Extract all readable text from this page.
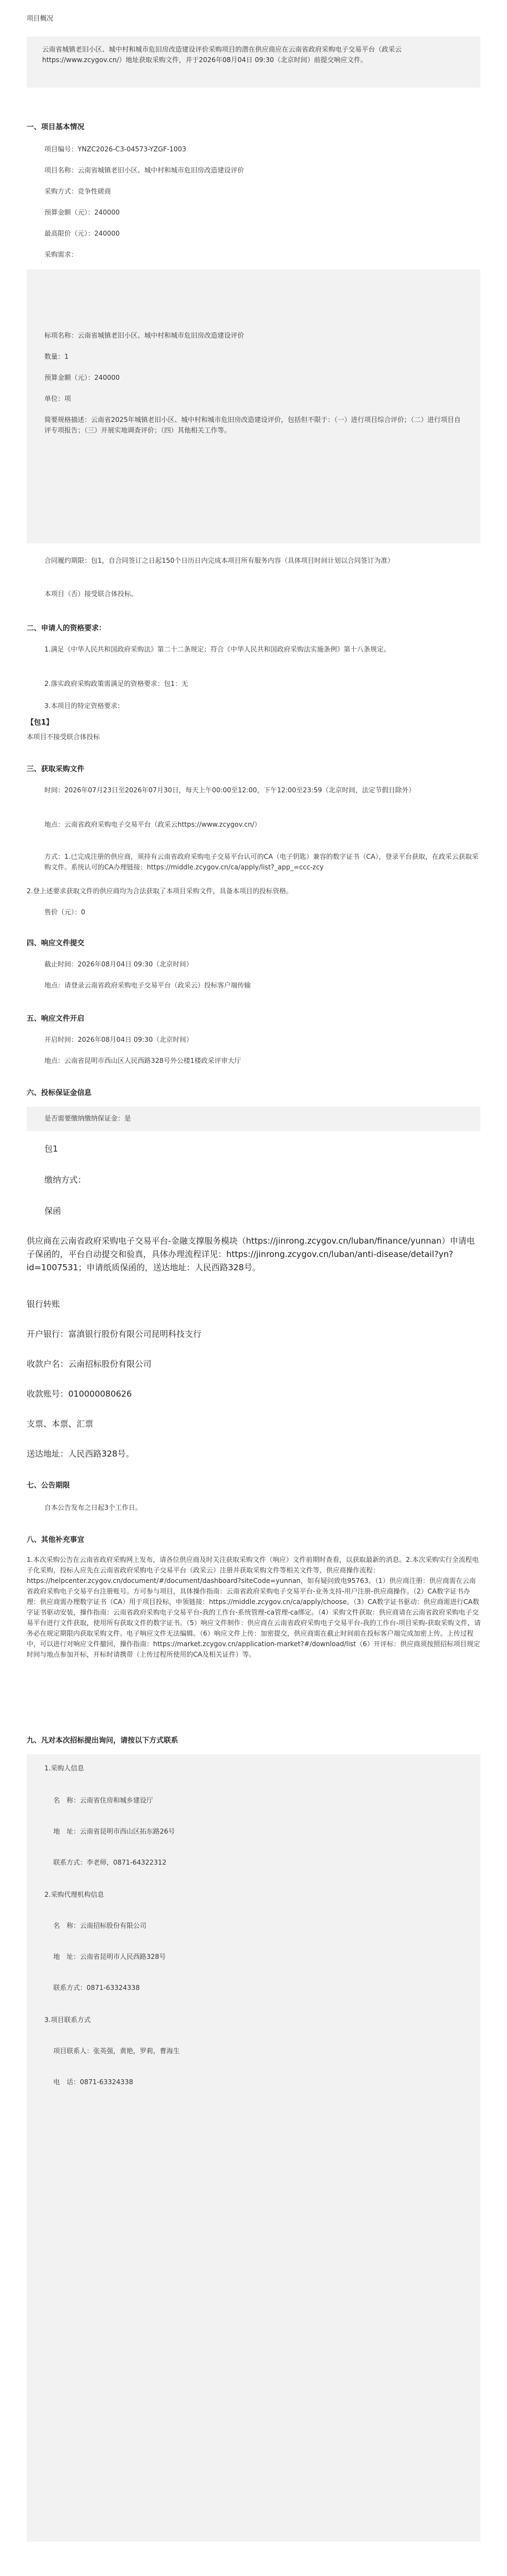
项目概况
云南省城镇老旧小区、城中村和城市危旧房改造建设评价采购项目的潜在供应商应在云南省政府采购电子交易平台（政采云https://www.zcygov.cn/）地址获取采购文件，并于2026年08月04日 09:30（北京时间）前提交响应文件。
一、项目基本情况
项目编号：YNZC2026-C3-04573-YZGF-1003
项目名称：云南省城镇老旧小区、城中村和城市危旧房改造建设评价
采购方式：竞争性磋商
预算金额（元）：240000
最高限价（元）：240000
采购需求：
标项名称：云南省城镇老旧小区、城中村和城市危旧房改造建设评价
数量：1
预算金额（元）：240000
单位：项
简要规格描述：云南省2025年城镇老旧小区、城中村和城市危旧房改造建设评价，包括但不限于：（一）进行项目综合评价；（二）进行项目自评专项报告；（三）开展实地调查评价；（四）其他相关工作等。
合同履约期限：包1，自合同签订之日起150个日历日内完成本项目所有服务内容（具体项目时间计划以合同签订为准）
本项目（否）接受联合体投标。
二、申请人的资格要求：
1.满足《中华人民共和国政府采购法》第二十二条规定；符合《中华人民共和国政府采购法实施条例》第十八条规定。
2.落实政府采购政策需满足的资格要求：包1：无
3.本项目的特定资格要求：
【包1】
本项目不接受联合体投标
三、获取采购文件
时间：2026年07月23日至2026年07月30日，每天上午00:00至12:00，下午12:00至23:59（北京时间，法定节假日除外）
地点：云南省政府采购电子交易平台（政采云https://www.zcygov.cn/）
方式：1.已完成注册的供应商，须持有云南省政府采购电子交易平台认可的CA（电子钥匙）兼容的数字证书（CA），登录平台获取，在政采云获取采购文件。系统认可的CA办理链接：https://middle.zcygov.cn/ca/apply/list?_app_=ccc-zcy
2.登上述要求获取文件的供应商均为合法获取了本项目采购文件，具备本项目的投标资格。
售价（元）：0
四、响应文件提交
截止时间：2026年08月04日 09:30（北京时间）
地点：请登录云南省政府采购电子交易平台（政采云）投标客户端传输
五、响应文件开启
开启时间：2026年08月04日 09:30（北京时间）
地点：云南省昆明市西山区人民西路328号外公楼1楼政采评审大厅
六、投标保证金信息
是否需要缴纳缴纳保证金：是
包1
缴纳方式：
保函
供应商在云南省政府采购电子交易平台-金融支撑服务模块（https://jinrong.zcygov.cn/luban/finance/yunnan）申请电子保函的，平台自动提交和验真，具体办理流程详见：https://jinrong.zcygov.cn/luban/anti-disease/detail?yn?id=1007531；申请纸质保函的，送达地址：人民西路328号。
银行转账
开户银行：富滇银行股份有限公司昆明科技支行
收款户名：云南招标股份有限公司
收款账号：010000080626
支票、本票、汇票
送达地址：人民西路328号。
七、公告期限
自本公告发布之日起3个工作日。
八、其他补充事宜
1.本次采购公告在云南省政府采购网上发布，请各位供应商及时关注获取采购文件（响应）文件前期时查看，以获取最新的消息。2.本次采购实行全流程电子化采购，投标人应先在云南省政府采购电子交易平台（政采云）注册并获取采购文件等相关文件等，供应商操作流程：https://helpcenter.zcygov.cn/document/#/document/dashboard?siteCode=yunnan，如有疑问致电95763。（1）供应商注册：供应商需在云南省政府采购电子交易平台注册账号。方可参与项目，具体操作指南：云南省政府采购电子交易平台-业务支持-用户注册-供应商操作。（2）CA数字证书办理：供应商需办理数字证书（CA）用于项目投标，申领链接：https://middle.zcygov.cn/ca/apply/choose。（3）CA数字证书驱动：供应商需进行CA数字证书驱动安装，操作指南：云南省政府采购电子交易平台-我的工作台-系统管理-ca管理-ca绑定。（4）采购文件获取：供应商请在云南省政府采购电子交易平台进行文件获取，使用所有获取文件的数字证书。（5）响应文件制作：供应商在云南省政府采购电子交易平台-我的工作台-项目采购-获取采购文件，请务必在规定期限内获取采购文件。电子响应文件无法编辑。（6）响应文件上传：加密提交，供应商需在截止时间前在投标客户端完成加密上传。上传过程中，可以进行对响应文件撤回，操作指南：https://market.zcygov.cn/application-market?#/download/list（6）开评标：供应商须按照招标项目规定时间与地点参加开标，开标时请携带（上传过程所使用的CA及相关证件）等。
九、凡对本次招标提出询问，请按以下方式联系
1.采购人信息
名　称：云南省住房和城乡建设厅
地　址：云南省昆明市西山区拓东路26号
联系方式：李老师，0871-64322312
2.采购代理机构信息
名　称：云南招标股份有限公司
地　址：云南省昆明市人民西路328号
联系方式：0871-63324338
3.项目联系方式
项目联系人：张英强，黄艳，罗莉，曹海生
电　话：0871-63324338
